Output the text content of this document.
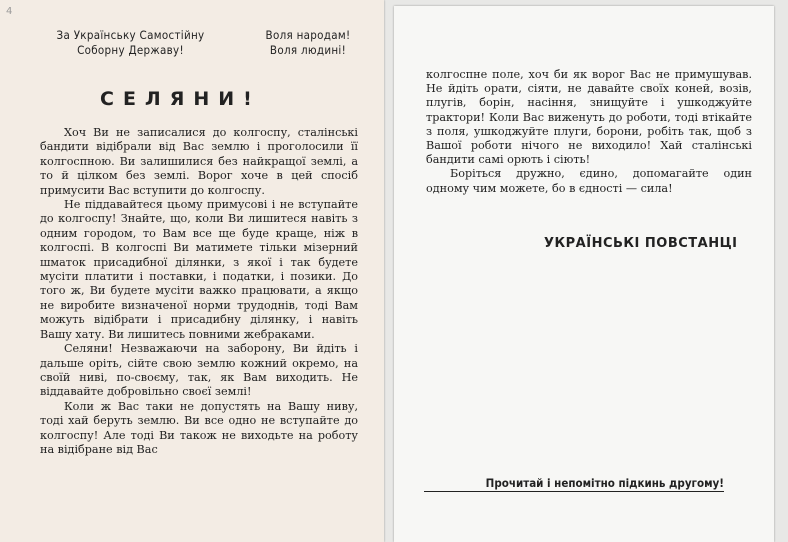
4
За Українську Самостійну
Соборну Державу!
Воля народам!
Воля людині!
СЕЛЯНИ!

Хоч Ви не записалися до колгоспу, сталінські бандити відібрали від Вас землю і проголосили її колгоспною. Ви залишилися без найкращої землі, а то й цілком без землі. Ворог хоче в цей спосіб примусити Вас вступити до колгоспу.

Не піддавайтеся цьому примусові і не вступайте до колгоспу! Знайте, що, коли Ви лишитеся навіть з одним городом, то Вам все ще буде краще, ніж в колгоспі. В колгоспі Ви матимете тільки мізерний шматок присадибної ділянки, з якої і так будете мусіти платити і поставки, і податки, і позики. До того ж, Ви будете мусіти важко працювати, а якщо не виробите визначеної норми трудоднів, тоді Вам можуть відібрати і присадибну ділянку, і навіть Вашу хату. Ви лишитесь повними жебраками.

Селяни! Незважаючи на заборону, Ви йдіть і дальше оріть, сійте свою землю кожний окремо, на своїй ниві, по-своєму, так, як Вам виходить. Не віддавайте добровільно своєї землі!

Коли ж Вас таки не допустять на Вашу ниву, тоді хай беруть землю. Ви все одно не вступайте до колгоспу! Але тоді Ви також не виходьте на роботу на відібране від Вас

колгоспне поле, хоч би як ворог Вас не примушував. Не йдіть орати, сіяти, не давайте своїх коней, возів, плугів, борін, насіння, знищуйте і ушкоджуйте трактори! Коли Вас виженуть до роботи, тоді втікайте з поля, ушкоджуйте плуги, борони, робіть так, щоб з Вашої роботи нічого не виходило! Хай сталінські бандити самі орють і сіють!

Боріться дружно, єдино, допомагайте один одному чим можете, бо в єдності — сила!

УКРАЇНСЬКІ ПОВСТАНЦІ
Прочитай і непомітно підкинь другому!
